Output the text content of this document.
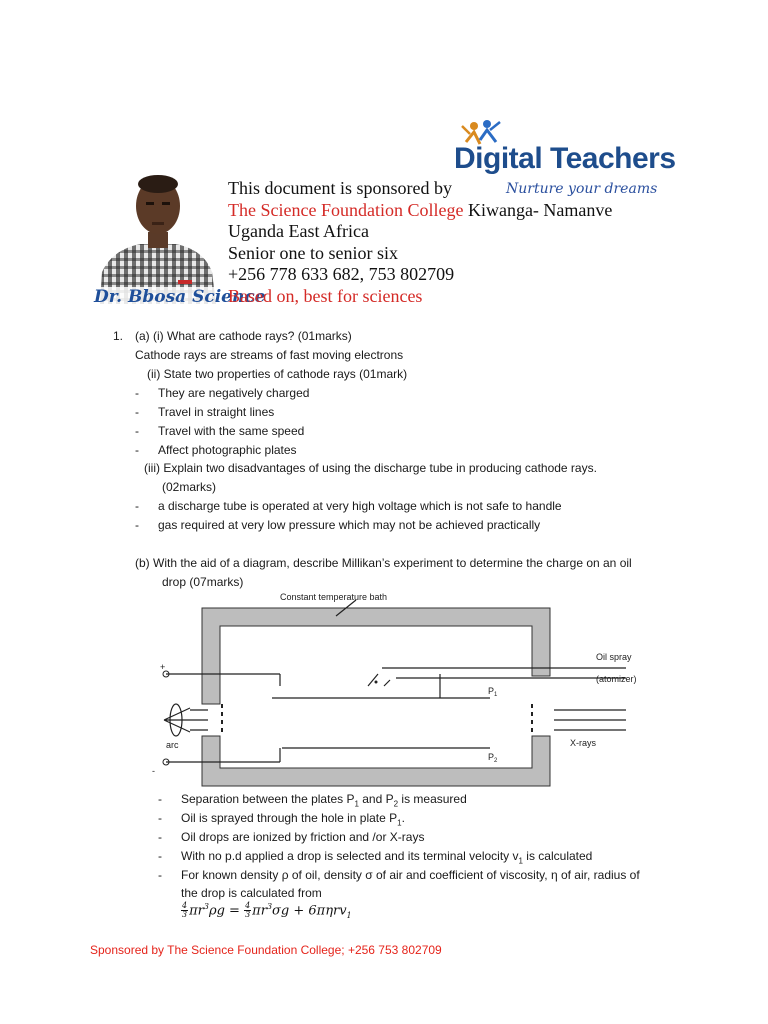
Dr. Bbosa Science
Digital Teachers
Nurture your dreams
This document is sponsored by
The Science Foundation College Kiwanga- Namanve
Uganda East Africa
Senior one to senior six
+256 778 633 682, 753 802709
Based on, best for sciences
1. (a) (i) What are cathode rays? (01marks)
Cathode rays are streams of fast moving electrons
(ii) State two properties of cathode rays (01mark)
- They are negatively charged
- Travel in straight lines
- Travel with the same speed
- Affect photographic plates
(iii) Explain two disadvantages of using the discharge tube in producing cathode rays.
(02marks)
- a discharge tube is operated at very high voltage which is not safe to handle
- gas required at very low pressure which may not be achieved practically
(b) With the aid of a diagram, describe Millikan’s experiment to determine the charge on an oil
drop (07marks)
Constant temperature bath
Oil spray
(atomizer)
$P_1$
$P_2$
+
-
arc	X-rays
- Separation between the plates $P_1$ and $P_2$ is measured
- Oil is sprayed through the hole in plate $P_1$.
- Oil drops are ionized by friction and /or X-rays
- With no p.d applied a drop is selected and its terminal velocity $v_1$ is calculated
- For known density ρ of oil, density σ of air and coefficient of viscosity, η of air, radius of
the drop is calculated from
$\frac{4}{3} \pi r^3\rho g = \frac{4}{3} \pi r^3\sigma g + 6\pi\eta rv_1$
Sponsored by The Science Foundation College; +256 753 802709
